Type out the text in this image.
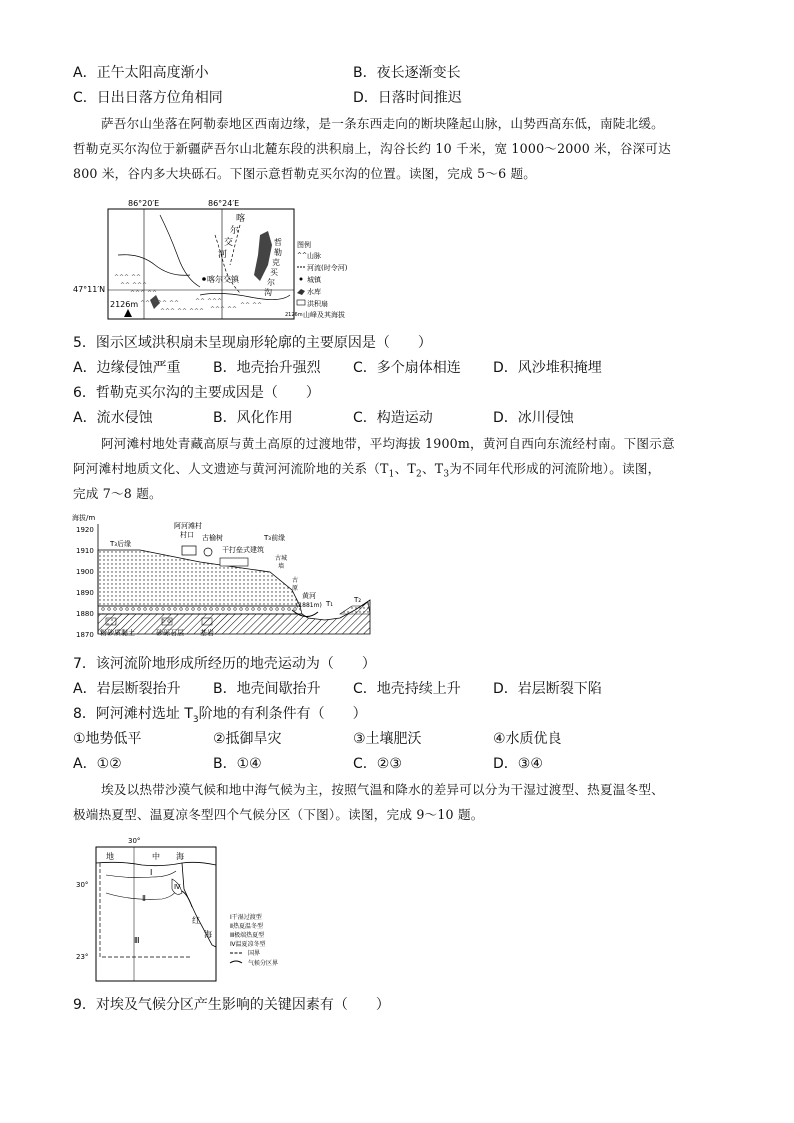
A．正午太阳高度渐小	B．夜长逐渐变长
C．日出日落方位角相同	D．日落时间推迟
萨吾尔山坐落在阿勒泰地区西南边缘，是一条东西走向的断块隆起山脉，山势西高东低，南陡北缓。
哲勒克买尔沟位于新疆萨吾尔山北麓东段的洪积扇上，沟谷长约 10 千米，宽 1000～2000 米，谷深可达
800 米，谷内多大块砾石。下图示意哲勒克买尔沟的位置。读图，完成 5～6 题。
86°20′E	86°24′E
47°11′N
^^^ ^^
^^ ^^^
^^ ^^^ ^^
^^^ ^^ ^^^
^^ ^^^
^^^ ^^
^^ ^^
^^^ ^^
喀
尔
交
河
喀尔交镇
哲
勒
克
买
尔
沟
2126m
图例
^^ 山脉
河流(时令河)
城镇
水库
洪积扇
2126m 山峰及其海拔
5．图示区域洪积扇未呈现扇形轮廓的主要原因是（　　）
A．边缘侵蚀严重 B．地壳抬升强烈 C．多个扇体相连 D．风沙堆积掩埋
6．哲勒克买尔沟的主要成因是（　　）
A．流水侵蚀	B．风化作用	C．构造运动	D．冰川侵蚀
阿河滩村地处青藏高原与黄土高原的过渡地带，平均海拔 1900m，黄河自西向东流经村南。下图示意
阿河滩村地质文化、人文遗迹与黄河河流阶地的关系（$T_1$、$T_2$、$T_3$为不同年代形成的河流阶地）。读图，
完成 7～8 题。
海拔/m
1920
1910
1900
1890
1880
1870
T₃后缘
阿河滩村
村口 古榆树	T₃前缘
干打垒式建筑
古城
墙
古
原
黄河
(1881m) T₁	T₂
粉砂质黏土	砂砾石层 基岩
7．该河流阶地形成所经历的地壳运动为（　　）
A．岩层断裂抬升 B．地壳间歇抬升 C．地壳持续上升 D．岩层断裂下陷
8．阿河滩村选址 $T_3$阶地的有利条件有（　　）
①地势低平	②抵御旱灾	③土壤肥沃	④水质优良
A．①②	B．①④	C．②③	D．③④
埃及以热带沙漠气候和地中海气候为主，按照气温和降水的差异可以分为干湿过渡型、热夏温冬型、
极端热夏型、温夏凉冬型四个气候分区（下图）。读图，完成 9～10 题。
30°
30°
23°
地	中 海
红
海
Ⅰ
Ⅱ
Ⅲ
Ⅳ
Ⅰ干湿过渡型
Ⅱ热夏温冬型
Ⅲ极端热夏型
Ⅳ温夏凉冬型
国界
气候分区界
9．对埃及气候分区产生影响的关键因素有（　　）
